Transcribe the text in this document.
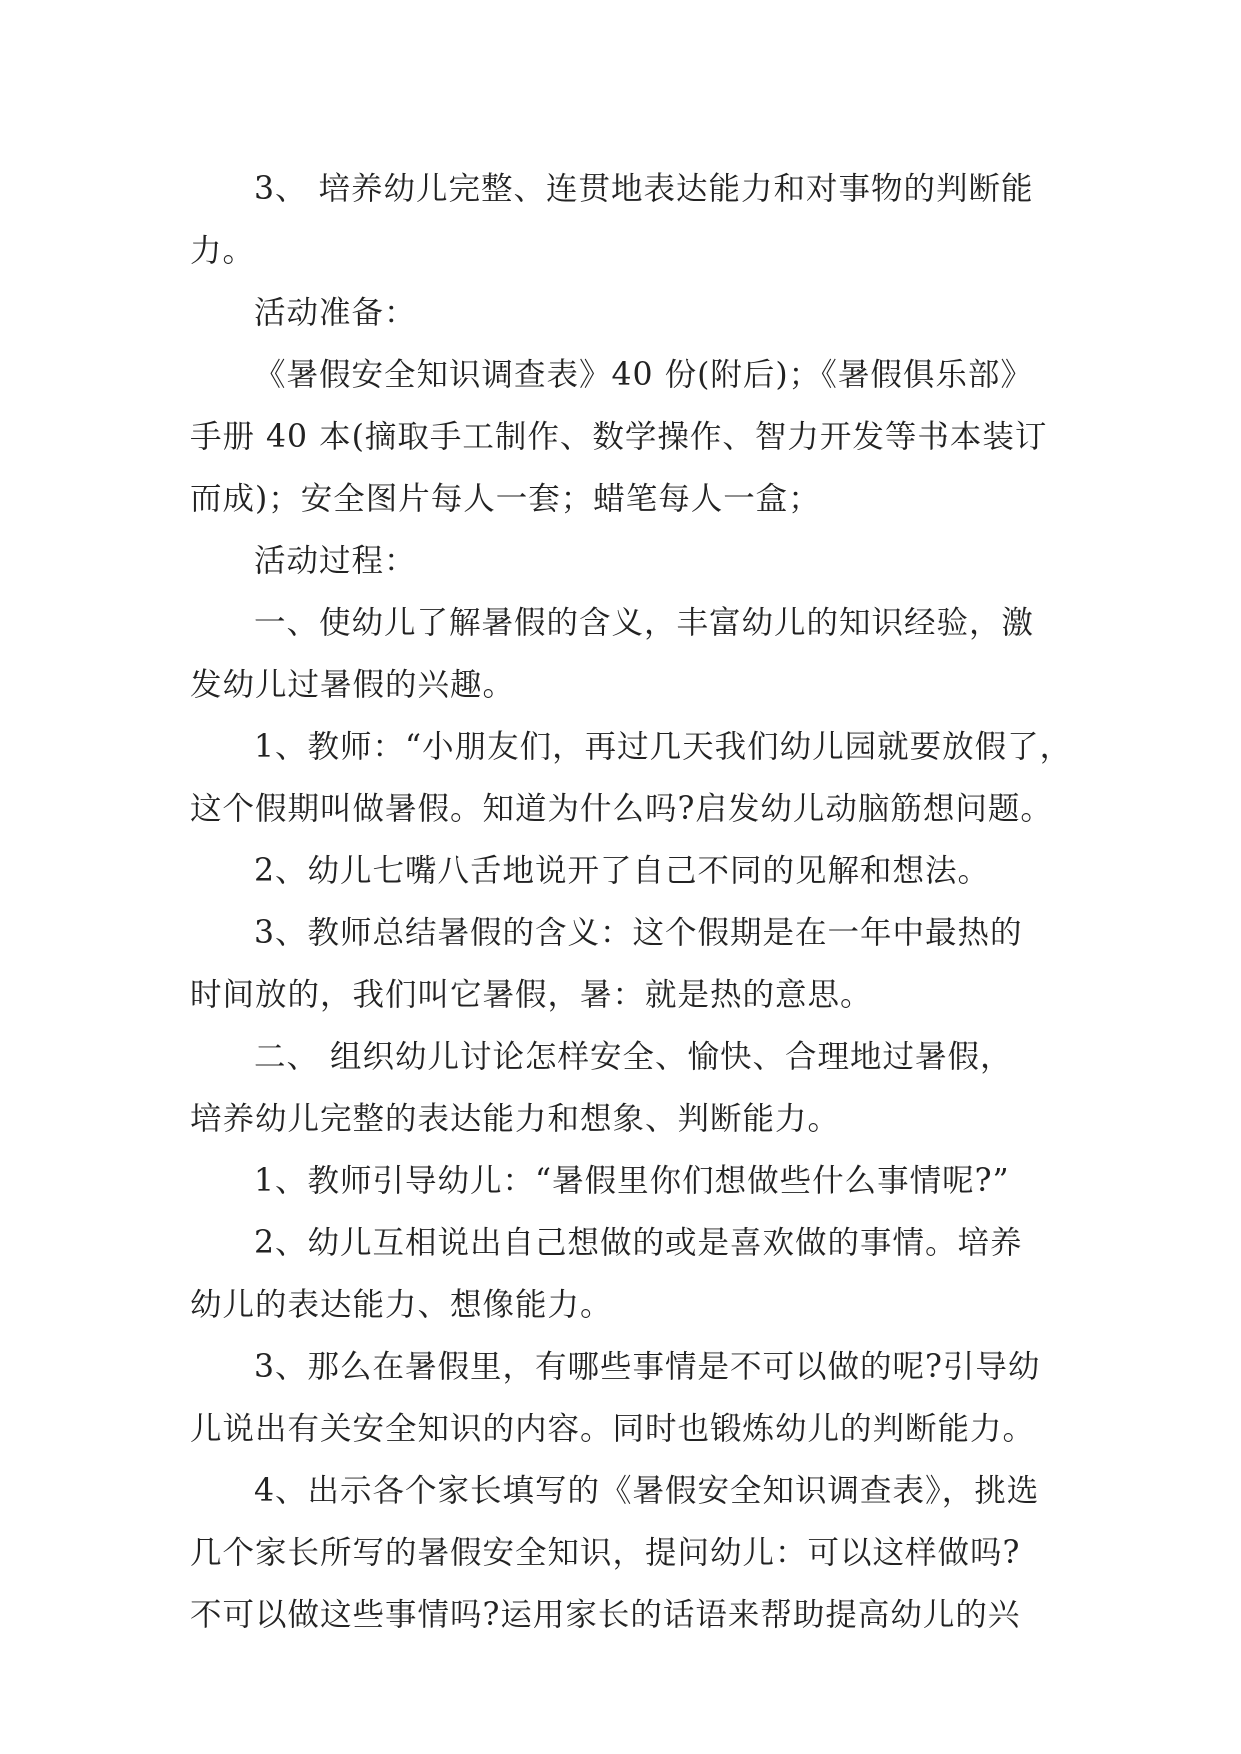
3、 培养幼儿完整、连贯地表达能力和对事物的判断能
力。
活动准备：
《暑假安全知识调查表》40 份(附后)；《暑假俱乐部》
手册 40 本(摘取手工制作、数学操作、智力开发等书本装订
而成)；安全图片每人一套；蜡笔每人一盒；
活动过程：
一、使幼儿了解暑假的含义，丰富幼儿的知识经验，激
发幼儿过暑假的兴趣。
1、教师：“小朋友们，再过几天我们幼儿园就要放假了，
这个假期叫做暑假。知道为什么吗?启发幼儿动脑筋想问题。
2、幼儿七嘴八舌地说开了自己不同的见解和想法。
3、教师总结暑假的含义：这个假期是在一年中最热的
时间放的，我们叫它暑假，暑：就是热的意思。
二、 组织幼儿讨论怎样安全、愉快、合理地过暑假，
培养幼儿完整的表达能力和想象、判断能力。
1、教师引导幼儿：“暑假里你们想做些什么事情呢?”
2、幼儿互相说出自己想做的或是喜欢做的事情。培养
幼儿的表达能力、想像能力。
3、那么在暑假里，有哪些事情是不可以做的呢?引导幼
儿说出有关安全知识的内容。同时也锻炼幼儿的判断能力。
4、出示各个家长填写的《暑假安全知识调查表》，挑选
几个家长所写的暑假安全知识，提问幼儿：可以这样做吗?
不可以做这些事情吗?运用家长的话语来帮助提高幼儿的兴
